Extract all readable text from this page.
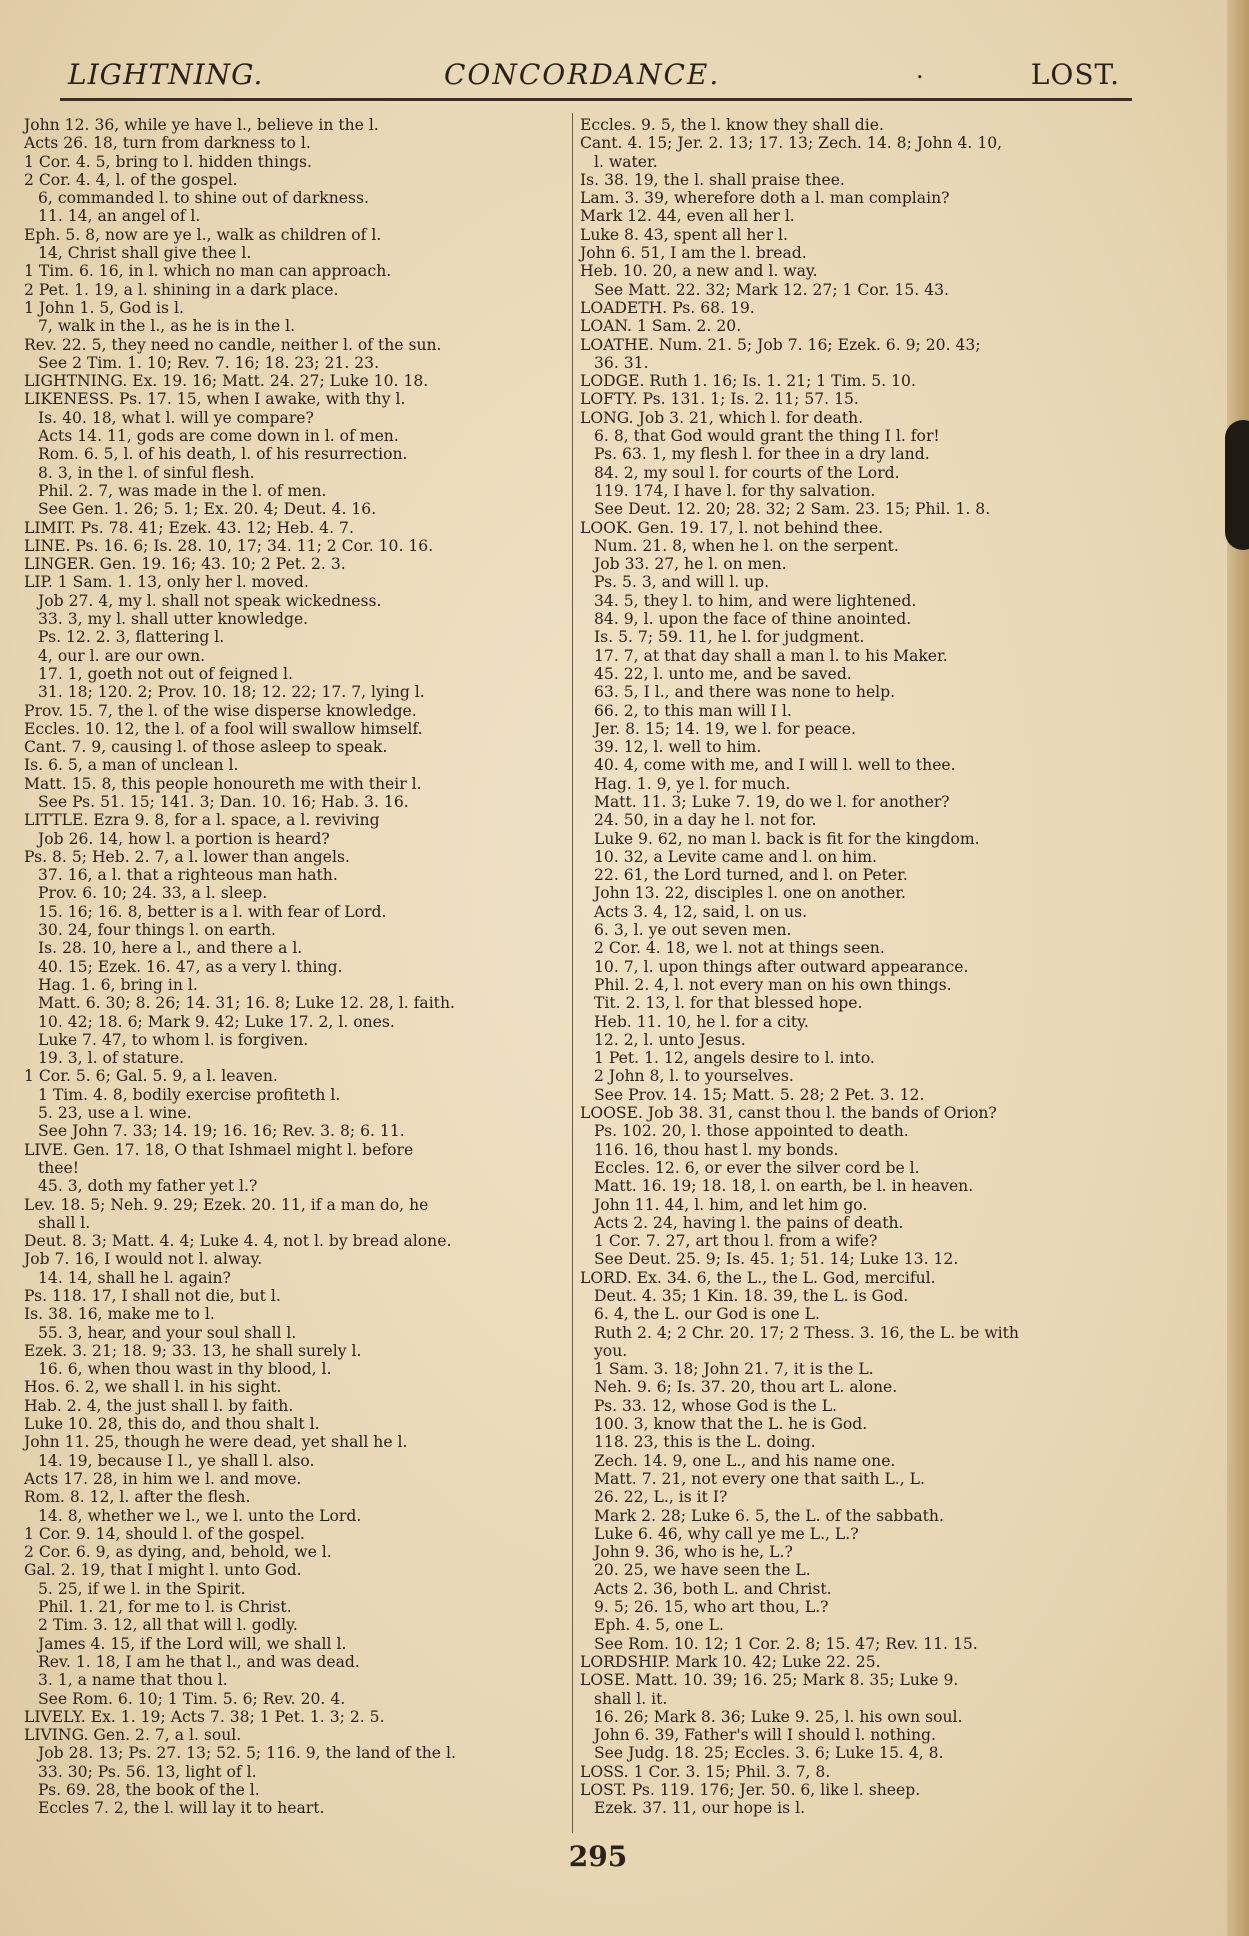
LIGHTNING.	CONCORDANCE.	.	LOST.
John 12. 36, while ye have l., believe in the l.
Acts 26. 18, turn from darkness to l.
1 Cor. 4. 5, bring to l. hidden things.
2 Cor. 4. 4, l. of the gospel.
6, commanded l. to shine out of darkness.
11. 14, an angel of l.
Eph. 5. 8, now are ye l., walk as children of l.
14, Christ shall give thee l.
1 Tim. 6. 16, in l. which no man can approach.
2 Pet. 1. 19, a l. shining in a dark place.
1 John 1. 5, God is l.
7, walk in the l., as he is in the l.
Rev. 22. 5, they need no candle, neither l. of the sun.
See 2 Tim. 1. 10; Rev. 7. 16; 18. 23; 21. 23.
LIGHTNING. Ex. 19. 16; Matt. 24. 27; Luke 10. 18.
LIKENESS. Ps. 17. 15, when I awake, with thy l.
Is. 40. 18, what l. will ye compare?
Acts 14. 11, gods are come down in l. of men.
Rom. 6. 5, l. of his death, l. of his resurrection.
8. 3, in the l. of sinful flesh.
Phil. 2. 7, was made in the l. of men.
See Gen. 1. 26; 5. 1; Ex. 20. 4; Deut. 4. 16.
LIMIT. Ps. 78. 41; Ezek. 43. 12; Heb. 4. 7.
LINE. Ps. 16. 6; Is. 28. 10, 17; 34. 11; 2 Cor. 10. 16.
LINGER. Gen. 19. 16; 43. 10; 2 Pet. 2. 3.
LIP. 1 Sam. 1. 13, only her l. moved.
Job 27. 4, my l. shall not speak wickedness.
33. 3, my l. shall utter knowledge.
Ps. 12. 2. 3, flattering l.
4, our l. are our own.
17. 1, goeth not out of feigned l.
31. 18; 120. 2; Prov. 10. 18; 12. 22; 17. 7, lying l.
Prov. 15. 7, the l. of the wise disperse knowledge.
Eccles. 10. 12, the l. of a fool will swallow himself.
Cant. 7. 9, causing l. of those asleep to speak.
Is. 6. 5, a man of unclean l.
Matt. 15. 8, this people honoureth me with their l.
See Ps. 51. 15; 141. 3; Dan. 10. 16; Hab. 3. 16.
LITTLE. Ezra 9. 8, for a l. space, a l. reviving
Job 26. 14, how l. a portion is heard?
Ps. 8. 5; Heb. 2. 7, a l. lower than angels.
37. 16, a l. that a righteous man hath.
Prov. 6. 10; 24. 33, a l. sleep.
15. 16; 16. 8, better is a l. with fear of Lord.
30. 24, four things l. on earth.
Is. 28. 10, here a l., and there a l.
40. 15; Ezek. 16. 47, as a very l. thing.
Hag. 1. 6, bring in l.
Matt. 6. 30; 8. 26; 14. 31; 16. 8; Luke 12. 28, l. faith.
10. 42; 18. 6; Mark 9. 42; Luke 17. 2, l. ones.
Luke 7. 47, to whom l. is forgiven.
19. 3, l. of stature.
1 Cor. 5. 6; Gal. 5. 9, a l. leaven.
1 Tim. 4. 8, bodily exercise profiteth l.
5. 23, use a l. wine.
See John 7. 33; 14. 19; 16. 16; Rev. 3. 8; 6. 11.
LIVE. Gen. 17. 18, O that Ishmael might l. before
thee!
45. 3, doth my father yet l.?
Lev. 18. 5; Neh. 9. 29; Ezek. 20. 11, if a man do, he
shall l.
Deut. 8. 3; Matt. 4. 4; Luke 4. 4, not l. by bread alone.
Job 7. 16, I would not l. alway.
14. 14, shall he l. again?
Ps. 118. 17, I shall not die, but l.
Is. 38. 16, make me to l.
55. 3, hear, and your soul shall l.
Ezek. 3. 21; 18. 9; 33. 13, he shall surely l.
16. 6, when thou wast in thy blood, l.
Hos. 6. 2, we shall l. in his sight.
Hab. 2. 4, the just shall l. by faith.
Luke 10. 28, this do, and thou shalt l.
John 11. 25, though he were dead, yet shall he l.
14. 19, because I l., ye shall l. also.
Acts 17. 28, in him we l. and move.
Rom. 8. 12, l. after the flesh.
14. 8, whether we l., we l. unto the Lord.
1 Cor. 9. 14, should l. of the gospel.
2 Cor. 6. 9, as dying, and, behold, we l.
Gal. 2. 19, that I might l. unto God.
5. 25, if we l. in the Spirit.
Phil. 1. 21, for me to l. is Christ.
2 Tim. 3. 12, all that will l. godly.
James 4. 15, if the Lord will, we shall l.
Rev. 1. 18, I am he that l., and was dead.
3. 1, a name that thou l.
See Rom. 6. 10; 1 Tim. 5. 6; Rev. 20. 4.
LIVELY. Ex. 1. 19; Acts 7. 38; 1 Pet. 1. 3; 2. 5.
LIVING. Gen. 2. 7, a l. soul.
Job 28. 13; Ps. 27. 13; 52. 5; 116. 9, the land of the l.
33. 30; Ps. 56. 13, light of l.
Ps. 69. 28, the book of the l.
Eccles 7. 2, the l. will lay it to heart.
Eccles. 9. 5, the l. know they shall die.
Cant. 4. 15; Jer. 2. 13; 17. 13; Zech. 14. 8; John 4. 10,
l. water.
Is. 38. 19, the l. shall praise thee.
Lam. 3. 39, wherefore doth a l. man complain?
Mark 12. 44, even all her l.
Luke 8. 43, spent all her l.
John 6. 51, I am the l. bread.
Heb. 10. 20, a new and l. way.
See Matt. 22. 32; Mark 12. 27; 1 Cor. 15. 43.
LOADETH. Ps. 68. 19.
LOAN. 1 Sam. 2. 20.
LOATHE. Num. 21. 5; Job 7. 16; Ezek. 6. 9; 20. 43;
36. 31.
LODGE. Ruth 1. 16; Is. 1. 21; 1 Tim. 5. 10.
LOFTY. Ps. 131. 1; Is. 2. 11; 57. 15.
LONG. Job 3. 21, which l. for death.
6. 8, that God would grant the thing I l. for!
Ps. 63. 1, my flesh l. for thee in a dry land.
84. 2, my soul l. for courts of the Lord.
119. 174, I have l. for thy salvation.
See Deut. 12. 20; 28. 32; 2 Sam. 23. 15; Phil. 1. 8.
LOOK. Gen. 19. 17, l. not behind thee.
Num. 21. 8, when he l. on the serpent.
Job 33. 27, he l. on men.
Ps. 5. 3, and will l. up.
34. 5, they l. to him, and were lightened.
84. 9, l. upon the face of thine anointed.
Is. 5. 7; 59. 11, he l. for judgment.
17. 7, at that day shall a man l. to his Maker.
45. 22, l. unto me, and be saved.
63. 5, I l., and there was none to help.
66. 2, to this man will I l.
Jer. 8. 15; 14. 19, we l. for peace.
39. 12, l. well to him.
40. 4, come with me, and I will l. well to thee.
Hag. 1. 9, ye l. for much.
Matt. 11. 3; Luke 7. 19, do we l. for another?
24. 50, in a day he l. not for.
Luke 9. 62, no man l. back is fit for the kingdom.
10. 32, a Levite came and l. on him.
22. 61, the Lord turned, and l. on Peter.
John 13. 22, disciples l. one on another.
Acts 3. 4, 12, said, l. on us.
6. 3, l. ye out seven men.
2 Cor. 4. 18, we l. not at things seen.
10. 7, l. upon things after outward appearance.
Phil. 2. 4, l. not every man on his own things.
Tit. 2. 13, l. for that blessed hope.
Heb. 11. 10, he l. for a city.
12. 2, l. unto Jesus.
1 Pet. 1. 12, angels desire to l. into.
2 John 8, l. to yourselves.
See Prov. 14. 15; Matt. 5. 28; 2 Pet. 3. 12.
LOOSE. Job 38. 31, canst thou l. the bands of Orion?
Ps. 102. 20, l. those appointed to death.
116. 16, thou hast l. my bonds.
Eccles. 12. 6, or ever the silver cord be l.
Matt. 16. 19; 18. 18, l. on earth, be l. in heaven.
John 11. 44, l. him, and let him go.
Acts 2. 24, having l. the pains of death.
1 Cor. 7. 27, art thou l. from a wife?
See Deut. 25. 9; Is. 45. 1; 51. 14; Luke 13. 12.
LORD. Ex. 34. 6, the L., the L. God, merciful.
Deut. 4. 35; 1 Kin. 18. 39, the L. is God.
6. 4, the L. our God is one L.
Ruth 2. 4; 2 Chr. 20. 17; 2 Thess. 3. 16, the L. be with
you.
1 Sam. 3. 18; John 21. 7, it is the L.
Neh. 9. 6; Is. 37. 20, thou art L. alone.
Ps. 33. 12, whose God is the L.
100. 3, know that the L. he is God.
118. 23, this is the L. doing.
Zech. 14. 9, one L., and his name one.
Matt. 7. 21, not every one that saith L., L.
26. 22, L., is it I?
Mark 2. 28; Luke 6. 5, the L. of the sabbath.
Luke 6. 46, why call ye me L., L.?
John 9. 36, who is he, L.?
20. 25, we have seen the L.
Acts 2. 36, both L. and Christ.
9. 5; 26. 15, who art thou, L.?
Eph. 4. 5, one L.
See Rom. 10. 12; 1 Cor. 2. 8; 15. 47; Rev. 11. 15.
LORDSHIP. Mark 10. 42; Luke 22. 25.
LOSE. Matt. 10. 39; 16. 25; Mark 8. 35; Luke 9.
shall l. it.
16. 26; Mark 8. 36; Luke 9. 25, l. his own soul.
John 6. 39, Father's will I should l. nothing.
See Judg. 18. 25; Eccles. 3. 6; Luke 15. 4, 8.
LOSS. 1 Cor. 3. 15; Phil. 3. 7, 8.
LOST. Ps. 119. 176; Jer. 50. 6, like l. sheep.
Ezek. 37. 11, our hope is l.
295
